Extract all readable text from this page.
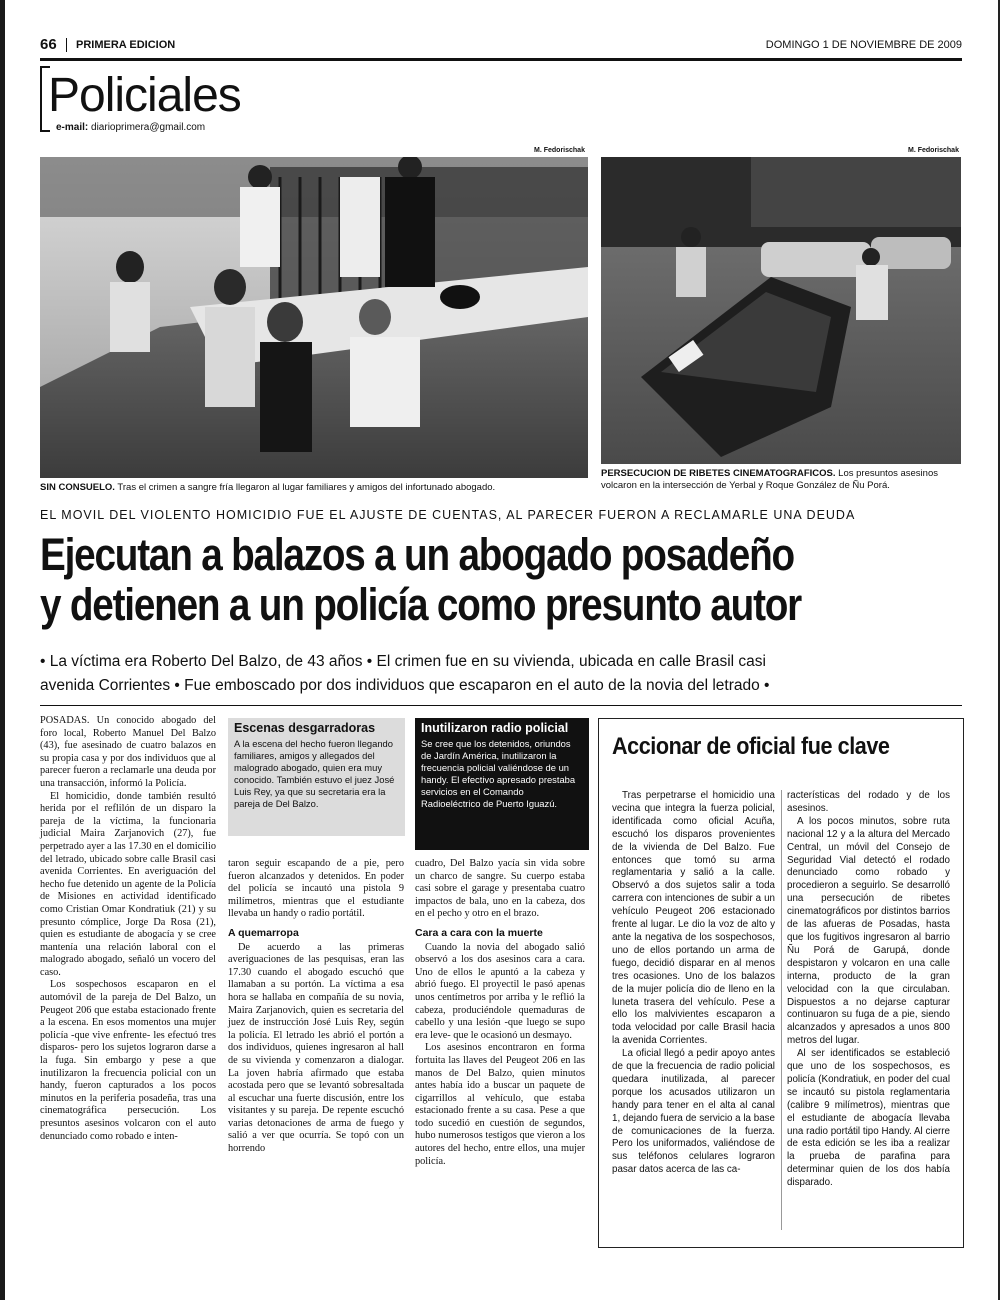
66 PRIMERA EDICION	DOMINGO 1 DE NOVIEMBRE DE 2009
Policiales
e-mail: diarioprimera@gmail.com
M. Fedorischak
SIN CONSUELO. Tras el crimen a sangre fría llegaron al lugar familiares y amigos del infortunado abogado.
M. Fedorischak
PERSECUCION DE RIBETES CINEMATOGRAFICOS. Los presuntos asesinos volcaron en la intersección de Yerbal y Roque González de Ñu Porá.
EL MOVIL DEL VIOLENTO HOMICIDIO FUE EL AJUSTE DE CUENTAS, AL PARECER FUERON A RECLAMARLE UNA DEUDA
Ejecutan a balazos a un abogado posadeño
y detienen a un policía como presunto autor
• La víctima era Roberto Del Balzo, de 43 años • El crimen fue en su vivienda, ubicada en calle Brasil casi
avenida Corrientes • Fue emboscado por dos individuos que escaparon en el auto de la novia del letrado •

POSADAS. Un conocido abogado del foro local, Roberto Manuel Del Balzo (43), fue asesinado de cuatro balazos en su propia casa y por dos individuos que al parecer fueron a reclamarle una deuda por una transacción, informó la Policía.

El homicidio, donde también resultó herida por el reflilón de un disparo la pareja de la víctima, la funcionaria judicial Maira Zarjanovich (27), fue perpetrado ayer a las 17.30 en el domicilio del letrado, ubicado sobre calle Brasil casi avenida Corrientes. En averiguación del hecho fue detenido un agente de la Policía de Misiones en actividad identificado como Cristian Omar Kondratiuk (21) y su presunto cómplice, Jorge Da Rosa (21), quien es estudiante de abogacía y se cree mantenía una relación laboral con el malogrado abogado, señaló un vocero del caso.

Los sospechosos escaparon en el automóvil de la pareja de Del Balzo, un Peugeot 206 que estaba estacionado frente a la escena. En esos momentos una mujer policía -que vive enfrente- les efectuó tres disparos- pero los sujetos lograron darse a la fuga. Sin embargo y pese a que inutilizaron la frecuencia policial con un handy, fueron capturados a los pocos minutos en la periferia posadeña, tras una cinematográfica persecución. Los presuntos asesinos volcaron con el auto denunciado como robado e inten-

Escenas desgarradoras
A la escena del hecho fueron llegando familiares, amigos y allegados del malogrado abogado, quien era muy conocido. También estuvo el juez José Luis Rey, ya que su secretaria era la pareja de Del Balzo.

taron seguir escapando de a pie, pero fueron alcanzados y detenidos. En poder del policía se incautó una pistola 9 milímetros, mientras que el estudiante llevaba un handy o radio portátil.

A quemarropa

De acuerdo a las primeras averiguaciones de las pesquisas, eran las 17.30 cuando el abogado escuchó que llamaban a su portón. La víctima a esa hora se hallaba en compañía de su novia, Maira Zarjanovich, quien es secretaria del juez de instrucción José Luis Rey, según la policía. El letrado les abrió el portón a dos individuos, quienes ingresaron al hall de su vivienda y comenzaron a dialogar. La joven habría afirmado que estaba acostada pero que se levantó sobresaltada al escuchar una fuerte discusión, entre los visitantes y su pareja. De repente escuchó varias detonaciones de arma de fuego y salió a ver que ocurría. Se topó con un horrendo

Inutilizaron radio policial
Se cree que los detenidos, oriundos de Jardín América, inutilizaron la frecuencia policial valiéndose de un handy. El efectivo apresado prestaba servicios en el Comando Radioeléctrico de Puerto Iguazú.

cuadro, Del Balzo yacía sin vida sobre un charco de sangre. Su cuerpo estaba casi sobre el garage y presentaba cuatro impactos de bala, uno en la cabeza, dos en el pecho y otro en el brazo.

Cara a cara con la muerte

Cuando la novia del abogado salió observó a los dos asesinos cara a cara. Uno de ellos le apuntó a la cabeza y abrió fuego. El proyectil le pasó apenas unos centímetros por arriba y le reflió la cabeza, produciéndole quemaduras de cabello y una lesión -que luego se supo era leve- que le ocasionó un desmayo.

Los asesinos encontraron en forma fortuita las llaves del Peugeot 206 en las manos de Del Balzo, quien minutos antes había ido a buscar un paquete de cigarrillos al vehículo, que estaba estacionado frente a su casa. Pese a que todo sucedió en cuestión de segundos, hubo numerosos testigos que vieron a los autores del hecho, entre ellos, una mujer policía.

Accionar de oficial fue clave

Tras perpetrarse el homicidio una vecina que integra la fuerza policial, identificada como oficial Acuña, escuchó los disparos provenientes de la vivienda de Del Balzo. Fue entonces que tomó su arma reglamentaria y salió a la calle. Observó a dos sujetos salir a toda carrera con intenciones de subir a un vehículo Peugeot 206 estacionado frente al lugar. Le dio la voz de alto y ante la negativa de los sospechosos, uno de ellos portando un arma de fuego, decidió disparar en al menos tres ocasiones. Uno de los balazos de la mujer policía dio de lleno en la luneta trasera del vehículo. Pese a ello los malvivientes escaparon a toda velocidad por calle Brasil hacia la avenida Corrientes.

La oficial llegó a pedir apoyo antes de que la frecuencia de radio policial quedara inutilizada, al parecer porque los acusados utilizaron un handy para tener en el alta al canal 1, dejando fuera de servicio a la base de comunicaciones de la fuerza. Pero los uniformados, valiéndose de sus teléfonos celulares lograron pasar datos acerca de las ca-

racterísticas del rodado y de los asesinos.

A los pocos minutos, sobre ruta nacional 12 y a la altura del Mercado Central, un móvil del Consejo de Seguridad Vial detectó el rodado denunciado como robado y procedieron a seguirlo. Se desarrolló una persecución de ribetes cinematográficos por distintos barrios de las afueras de Posadas, hasta que los fugitivos ingresaron al barrio Ñu Porá de Garupá, donde despistaron y volcaron en una calle interna, producto de la gran velocidad con la que circulaban. Dispuestos a no dejarse capturar continuaron su fuga de a pie, siendo alcanzados y apresados a unos 800 metros del lugar.

Al ser identificados se estableció que uno de los sospechosos, es policía (Kondratiuk, en poder del cual se incautó su pistola reglamentaria (calibre 9 milímetros), mientras que el estudiante de abogacía llevaba una radio portátil tipo Handy. Al cierre de esta edición se les iba a realizar la prueba de parafina para determinar quien de los dos había disparado.
